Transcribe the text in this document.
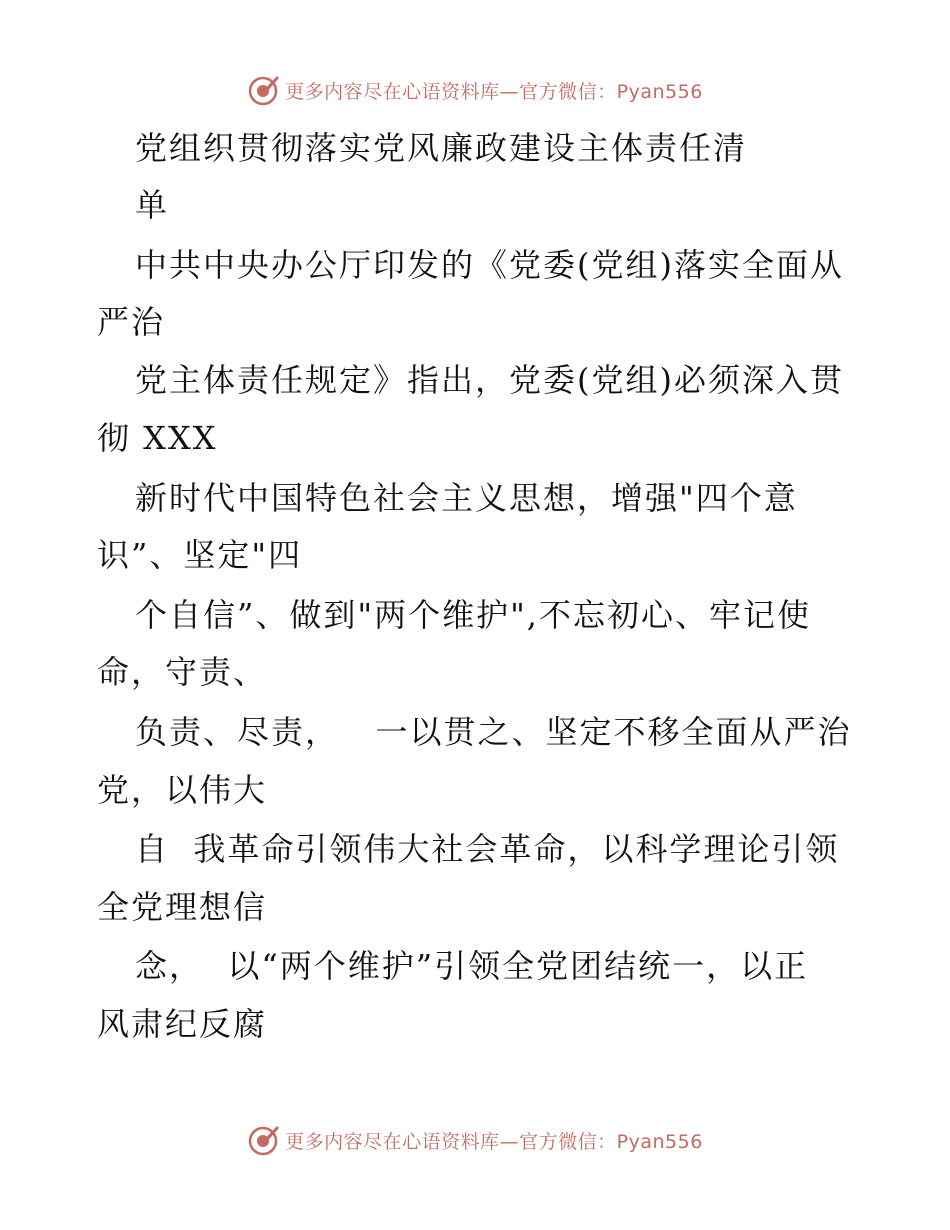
更多内容尽在心语资料库—官方微信：Pyan556
党组织贯彻落实党风廉政建设主体责任清
单
中共中央办公厅印发的《党委(党组)落实全面从
严治
党主体责任规定》指出，党委(党组)必须深入贯
彻 XXX
新时代中国特色社会主义思想，增强"四个意
识”、坚定"四
个自信”、做到"两个维护",不忘初心、牢记使
命，守责、
负责、尽责，   一以贯之、坚定不移全面从严治
党，以伟大
自  我革命引领伟大社会革命，以科学理论引领
全党理想信
念，  以“两个维护”引领全党团结统一，以正
风肃纪反腐
更多内容尽在心语资料库—官方微信：Pyan556
